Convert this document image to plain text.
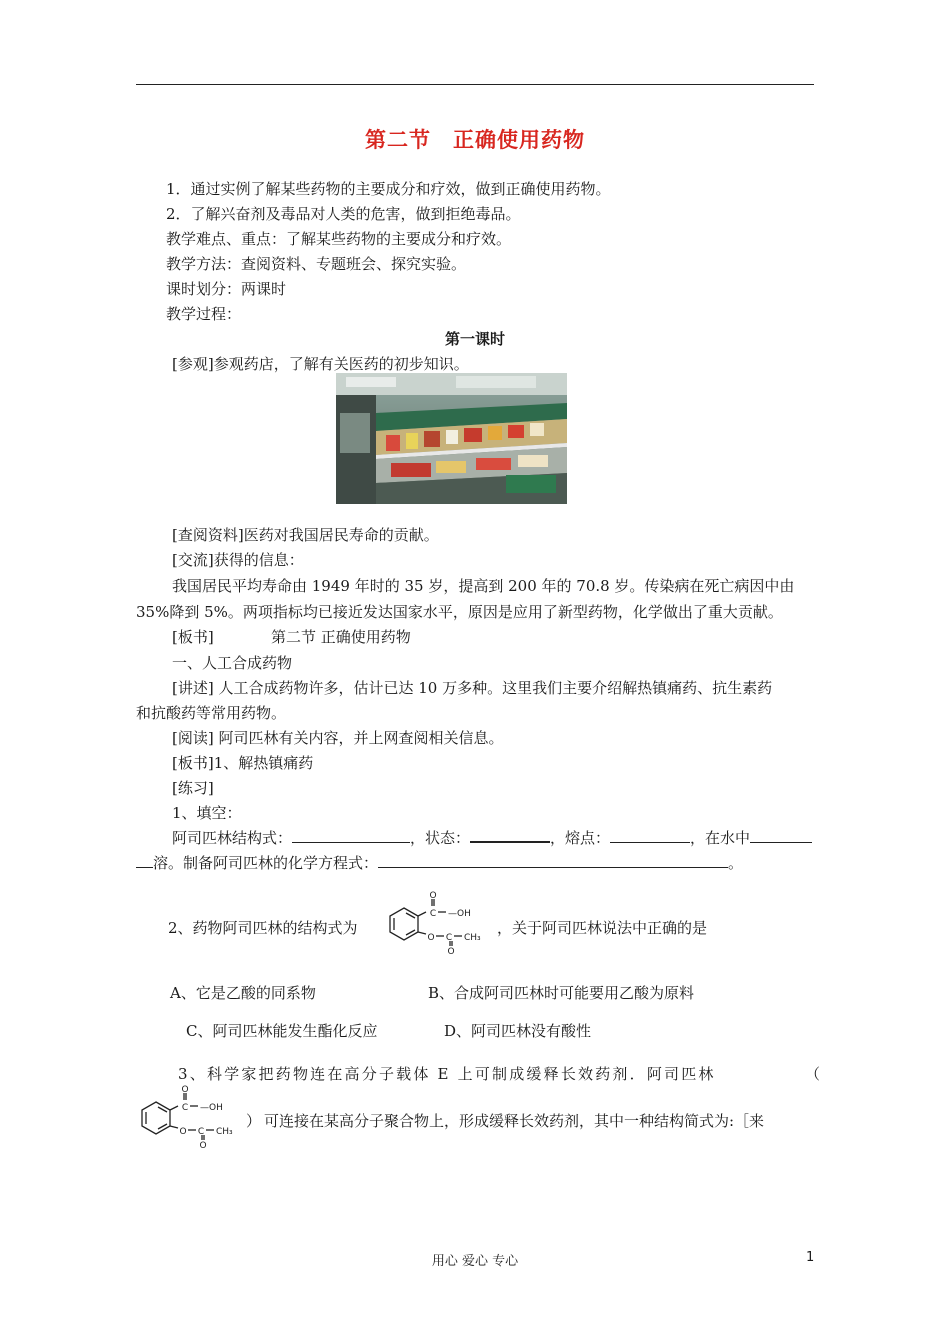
第二节 正确使用药物
1．通过实例了解某些药物的主要成分和疗效，做到正确使用药物。
2．了解兴奋剂及毒品对人类的危害，做到拒绝毒品。
教学难点、重点：了解某些药物的主要成分和疗效。
教学方法：查阅资料、专题班会、探究实验。
课时划分：两课时
教学过程：
第一课时
[参观]参观药店，了解有关医药的初步知识。
[查阅资料]医药对我国居民寿命的贡献。
[交流]获得的信息：
我国居民平均寿命由 1949 年时的 35 岁，提高到 200 年的 70.8 岁。传染病在死亡病因中由
35%降到 5%。两项指标均已接近发达国家水平，原因是应用了新型药物，化学做出了重大贡献。
[板书]	第二节 正确使用药物
一、人工合成药物
[讲述] 人工合成药物许多，估计已达 10 万多种。这里我们主要介绍解热镇痛药、抗生素药
和抗酸药等常用药物。
[阅读] 阿司匹林有关内容，并上网查阅相关信息。
[板书]1、解热镇痛药
[练习]
1、填空：
阿司匹林结构式：	，状态：	，熔点：	，在水中
溶。制备阿司匹林的化学方程式：	。
2、药物阿司匹林的结构式为
O
C —OH
O C CH₃
O
，关于阿司匹林说法中正确的是
A、它是乙酸的同系物	B、合成阿司匹林时可能要用乙酸为原料
C、阿司匹林能发生酯化反应	D、阿司匹林没有酸性
3、科学家把药物连在高分子载体 E 上可制成缓释长效药剂．阿司匹林	（
O
C —OH
O C CH₃
O
） 可连接在某高分子聚合物上，形成缓释长效药剂，其中一种结构简式为:［来
用心 爱心 专心	1
